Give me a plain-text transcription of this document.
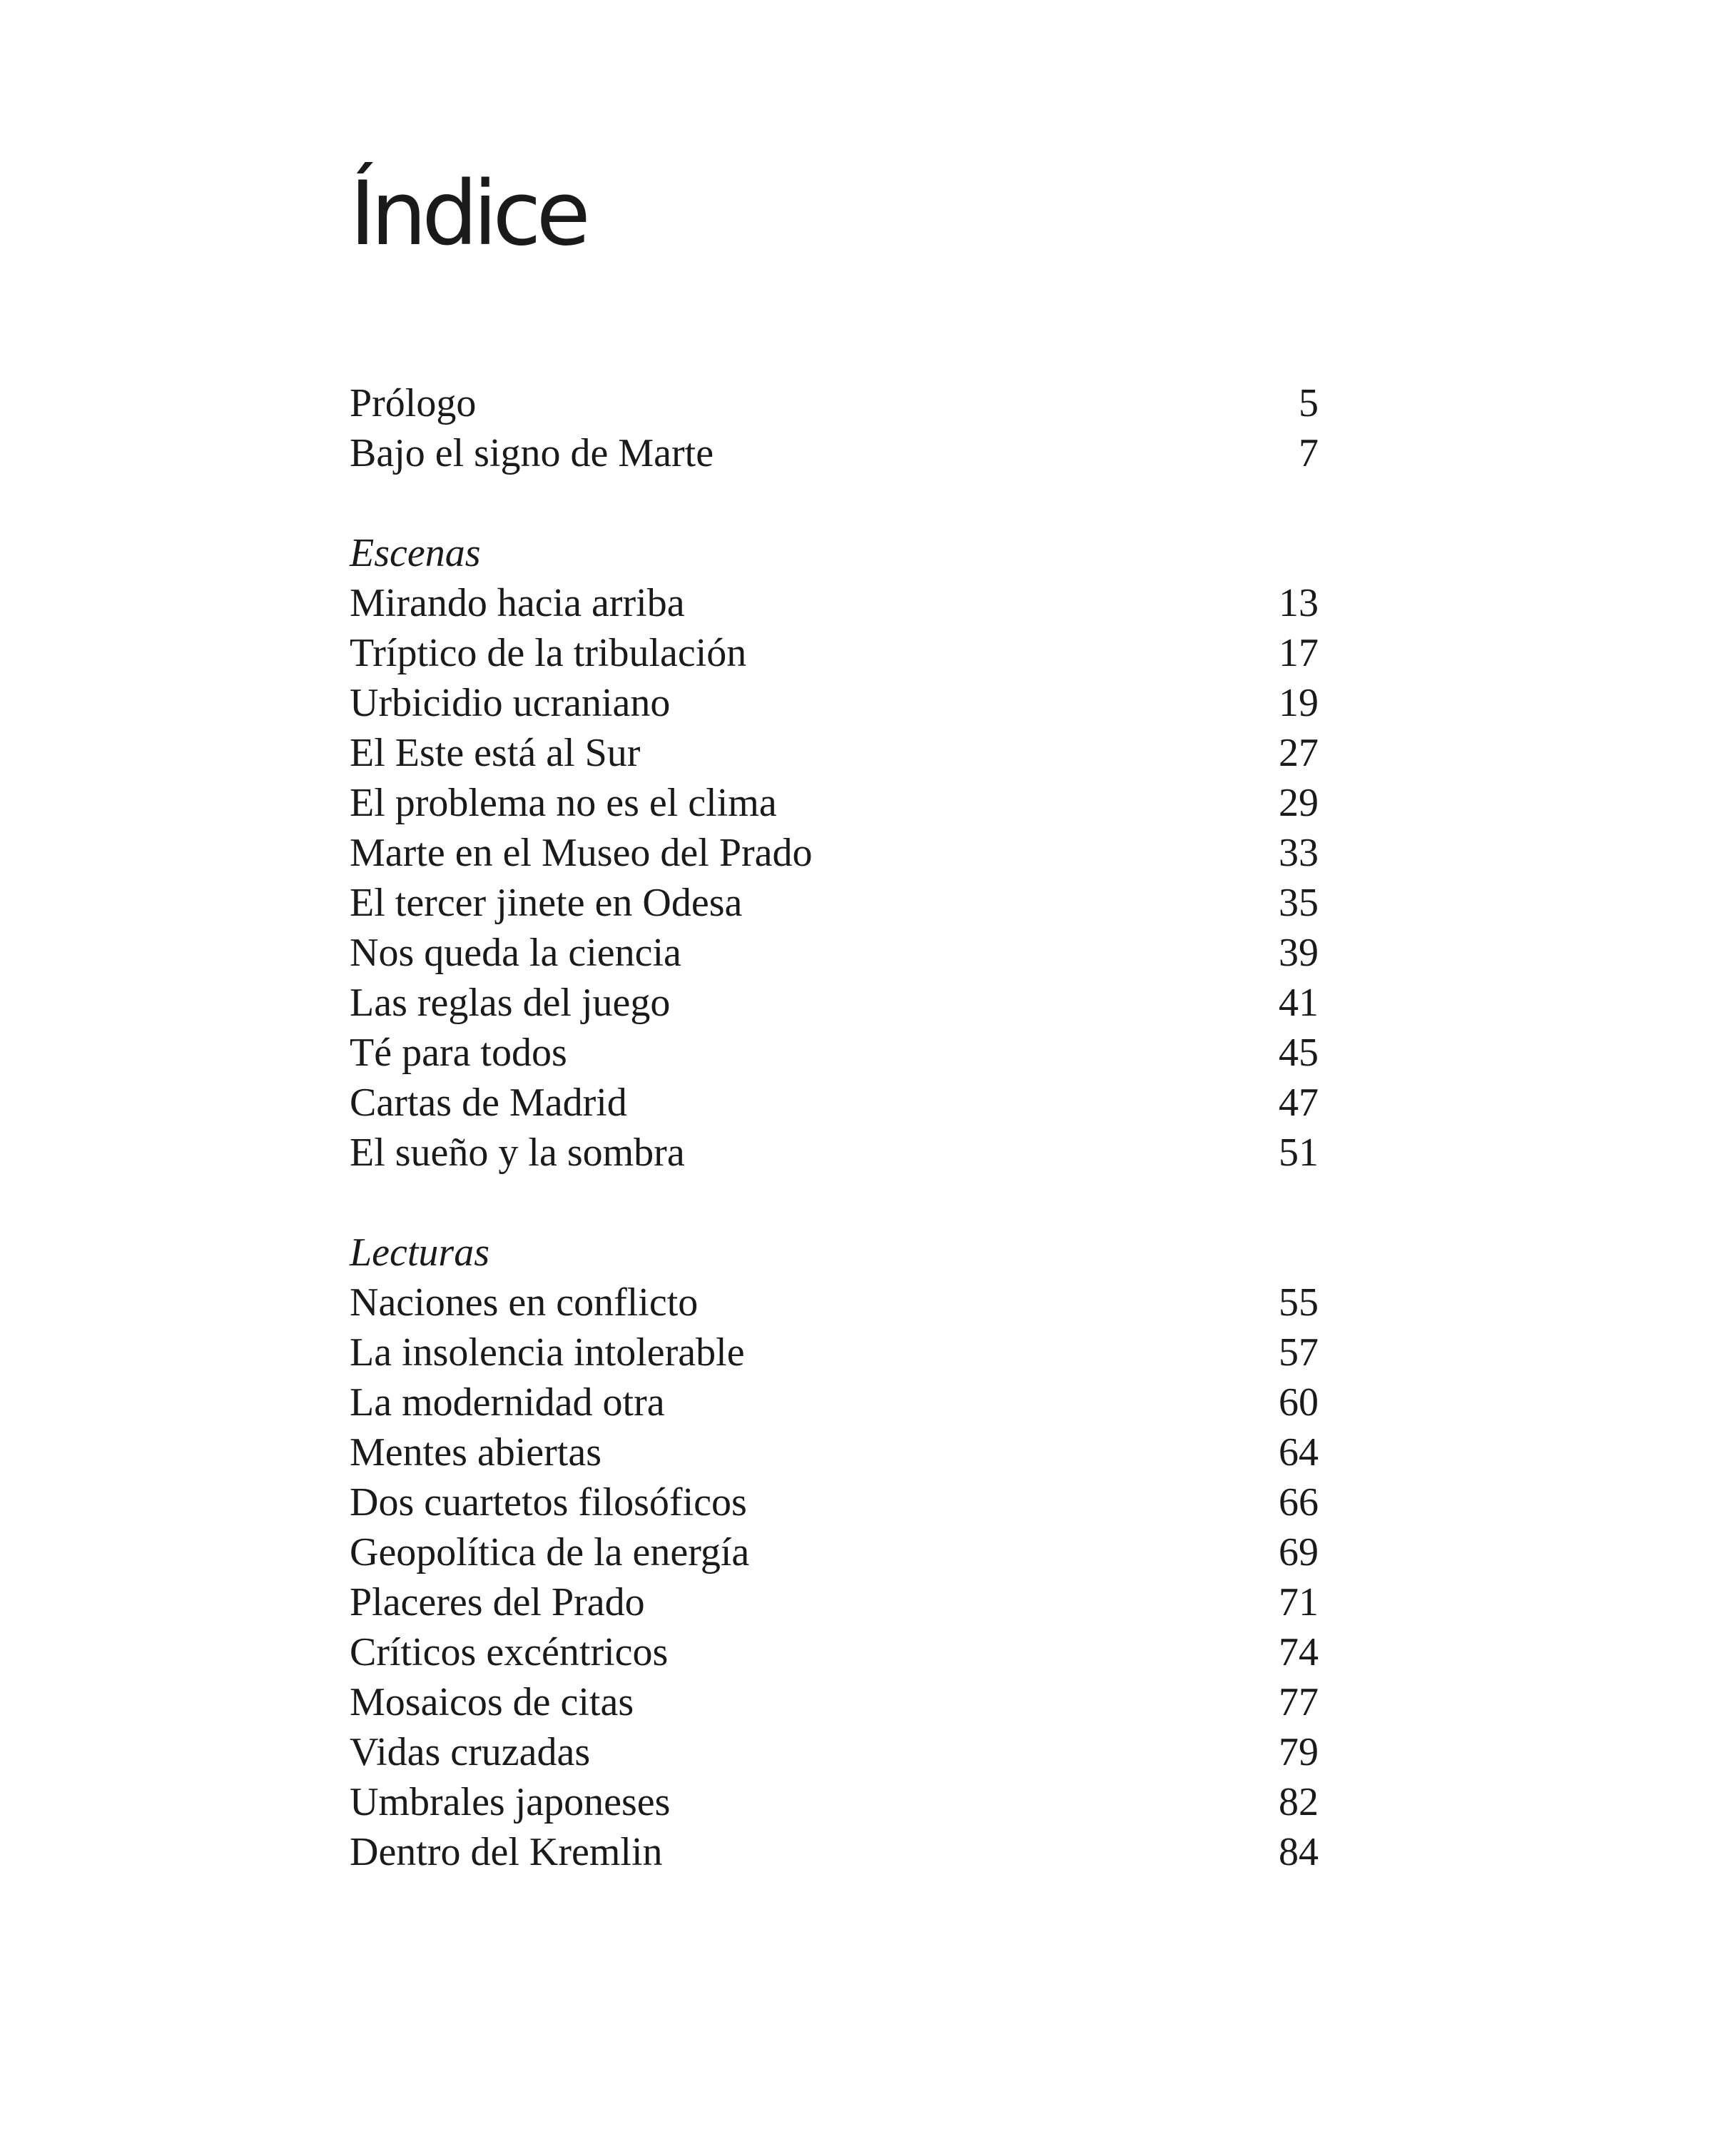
Índice
Prólogo	5
Bajo el signo de Marte	7
Escenas
Mirando hacia arriba	13
Tríptico de la tribulación	17
Urbicidio ucraniano	19
El Este está al Sur	27
El problema no es el clima	29
Marte en el Museo del Prado	33
El tercer jinete en Odesa	35
Nos queda la ciencia	39
Las reglas del juego	41
Té para todos	45
Cartas de Madrid	47
El sueño y la sombra	51
Lecturas
Naciones en conflicto	55
La insolencia intolerable	57
La modernidad otra	60
Mentes abiertas	64
Dos cuartetos filosóficos	66
Geopolítica de la energía	69
Placeres del Prado	71
Críticos excéntricos	74
Mosaicos de citas	77
Vidas cruzadas	79
Umbrales japoneses	82
Dentro del Kremlin	84
